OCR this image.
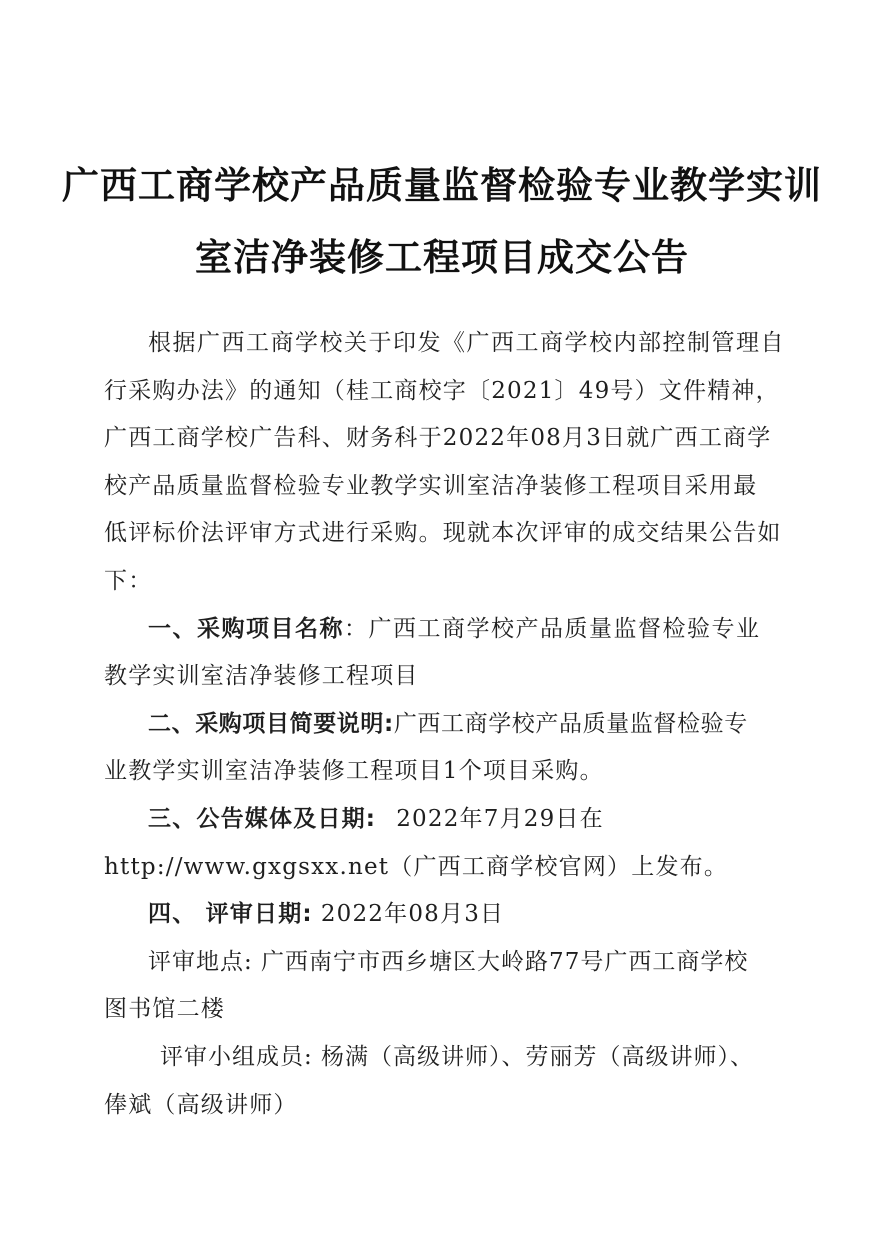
广西工商学校产品质量监督检验专业教学实训
室洁净装修工程项目成交公告
根据广西工商学校关于印发《广西工商学校内部控制管理自
行采购办法》的通知（桂工商校字〔2021〕49号）文件精神，
广西工商学校广告科、财务科于2022年08月3日就广西工商学
校产品质量监督检验专业教学实训室洁净装修工程项目采用最
低评标价法评审方式进行采购。现就本次评审的成交结果公告如
下：
一、采购项目名称：广西工商学校产品质量监督检验专业
教学实训室洁净装修工程项目
二、采购项目简要说明:广西工商学校产品质量监督检验专
业教学实训室洁净装修工程项目1个项目采购。
三、公告媒体及日期: 2022年7月29日在
http://www.gxgsxx.net（广西工商学校官网）上发布。
四、 评审日期: 2022年08月3日
评审地点: 广西南宁市西乡塘区大岭路77号广西工商学校
图书馆二楼
评审小组成员: 杨满（高级讲师）、劳丽芳（高级讲师）、
俸斌（高级讲师）
